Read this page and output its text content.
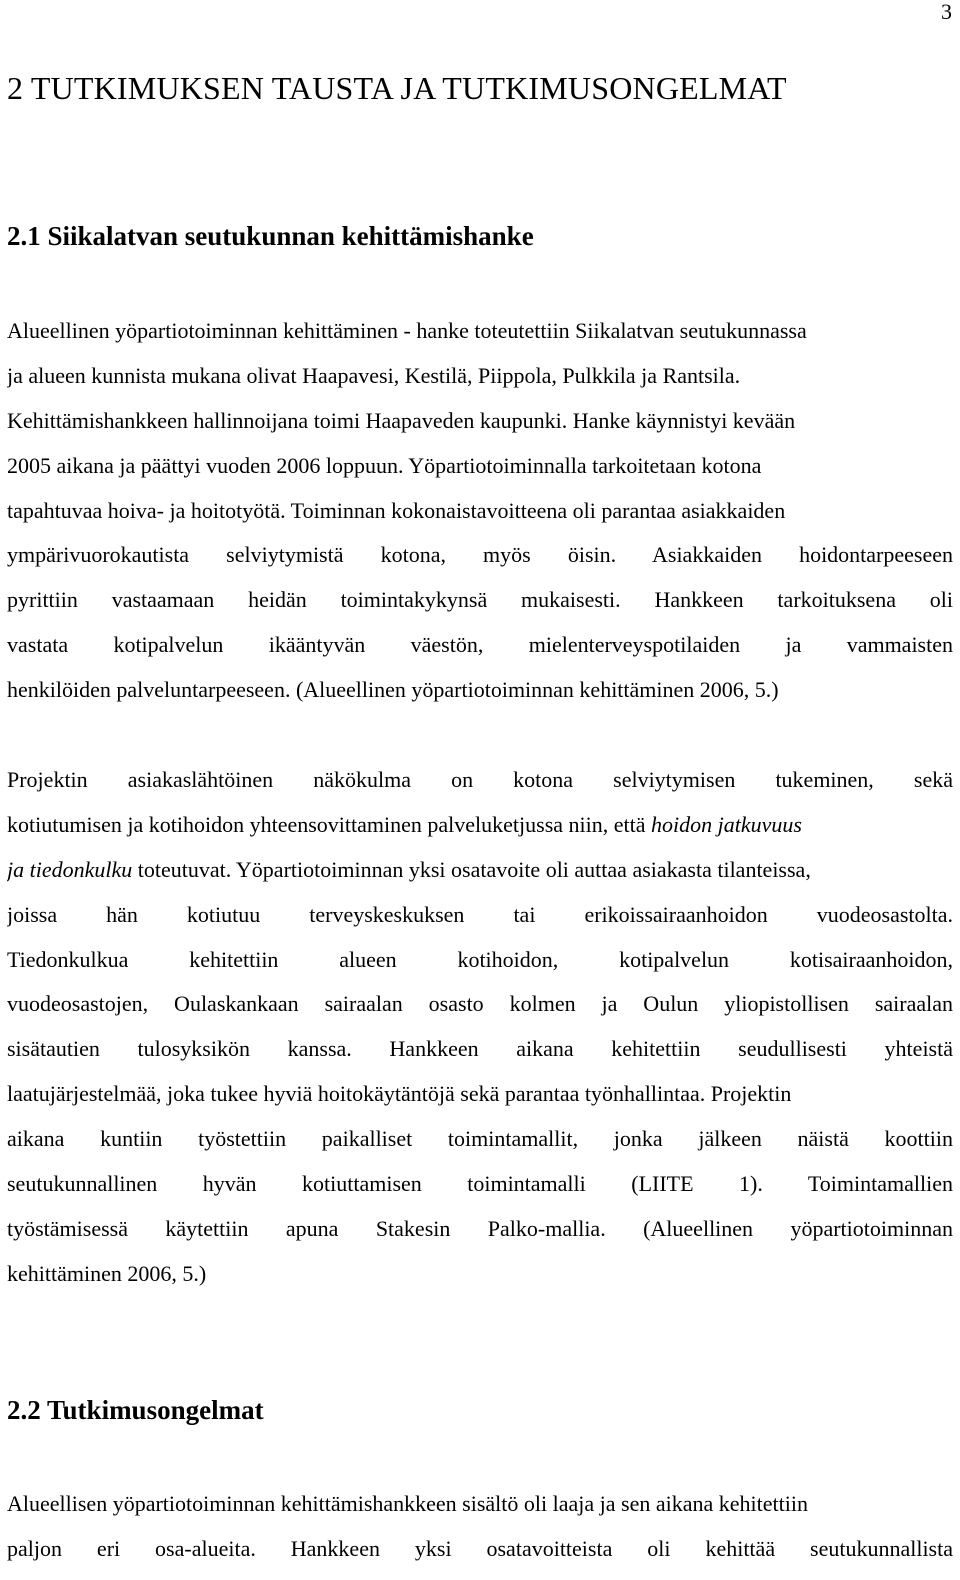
3
2 TUTKIMUKSEN TAUSTA JA TUTKIMUSONGELMAT
2.1 Siikalatvan seutukunnan kehittämishanke
Alueellinen yöpartiotoiminnan kehittäminen - hanke toteutettiin Siikalatvan seutukunnassa
ja alueen kunnista mukana olivat Haapavesi, Kestilä, Piippola, Pulkkila ja Rantsila.
Kehittämishankkeen hallinnoijana toimi Haapaveden kaupunki. Hanke käynnistyi kevään
2005 aikana ja päättyi vuoden 2006 loppuun. Yöpartiotoiminnalla tarkoitetaan kotona
tapahtuvaa hoiva- ja hoitotyötä. Toiminnan kokonaistavoitteena oli parantaa asiakkaiden
ympärivuorokautista selviytymistä kotona, myös öisin. Asiakkaiden hoidontarpeeseen
pyrittiin vastaamaan heidän toimintakykynsä mukaisesti. Hankkeen tarkoituksena oli
vastata kotipalvelun ikääntyvän väestön, mielenterveyspotilaiden ja vammaisten
henkilöiden palveluntarpeeseen. (Alueellinen yöpartiotoiminnan kehittäminen 2006, 5.)
Projektin asiakaslähtöinen näkökulma on kotona selviytymisen tukeminen, sekä
kotiutumisen ja kotihoidon yhteensovittaminen palveluketjussa niin, että hoidon jatkuvuus
ja tiedonkulku toteutuvat. Yöpartiotoiminnan yksi osatavoite oli auttaa asiakasta tilanteissa,
joissa hän kotiutuu terveyskeskuksen tai erikoissairaanhoidon vuodeosastolta.
Tiedonkulkua kehitettiin alueen kotihoidon, kotipalvelun kotisairaanhoidon,
vuodeosastojen, Oulaskankaan sairaalan osasto kolmen ja Oulun yliopistollisen sairaalan
sisätautien tulosyksikön kanssa. Hankkeen aikana kehitettiin seudullisesti yhteistä
laatujärjestelmää, joka tukee hyviä hoitokäytäntöjä sekä parantaa työnhallintaa. Projektin
aikana kuntiin työstettiin paikalliset toimintamallit, jonka jälkeen näistä koottiin
seutukunnallinen hyvän kotiuttamisen toimintamalli (LIITE 1). Toimintamallien
työstämisessä käytettiin apuna Stakesin Palko-mallia. (Alueellinen yöpartiotoiminnan
kehittäminen 2006, 5.)
2.2 Tutkimusongelmat
Alueellisen yöpartiotoiminnan kehittämishankkeen sisältö oli laaja ja sen aikana kehitettiin
paljon eri osa-alueita. Hankkeen yksi osatavoitteista oli kehittää seutukunnallista
